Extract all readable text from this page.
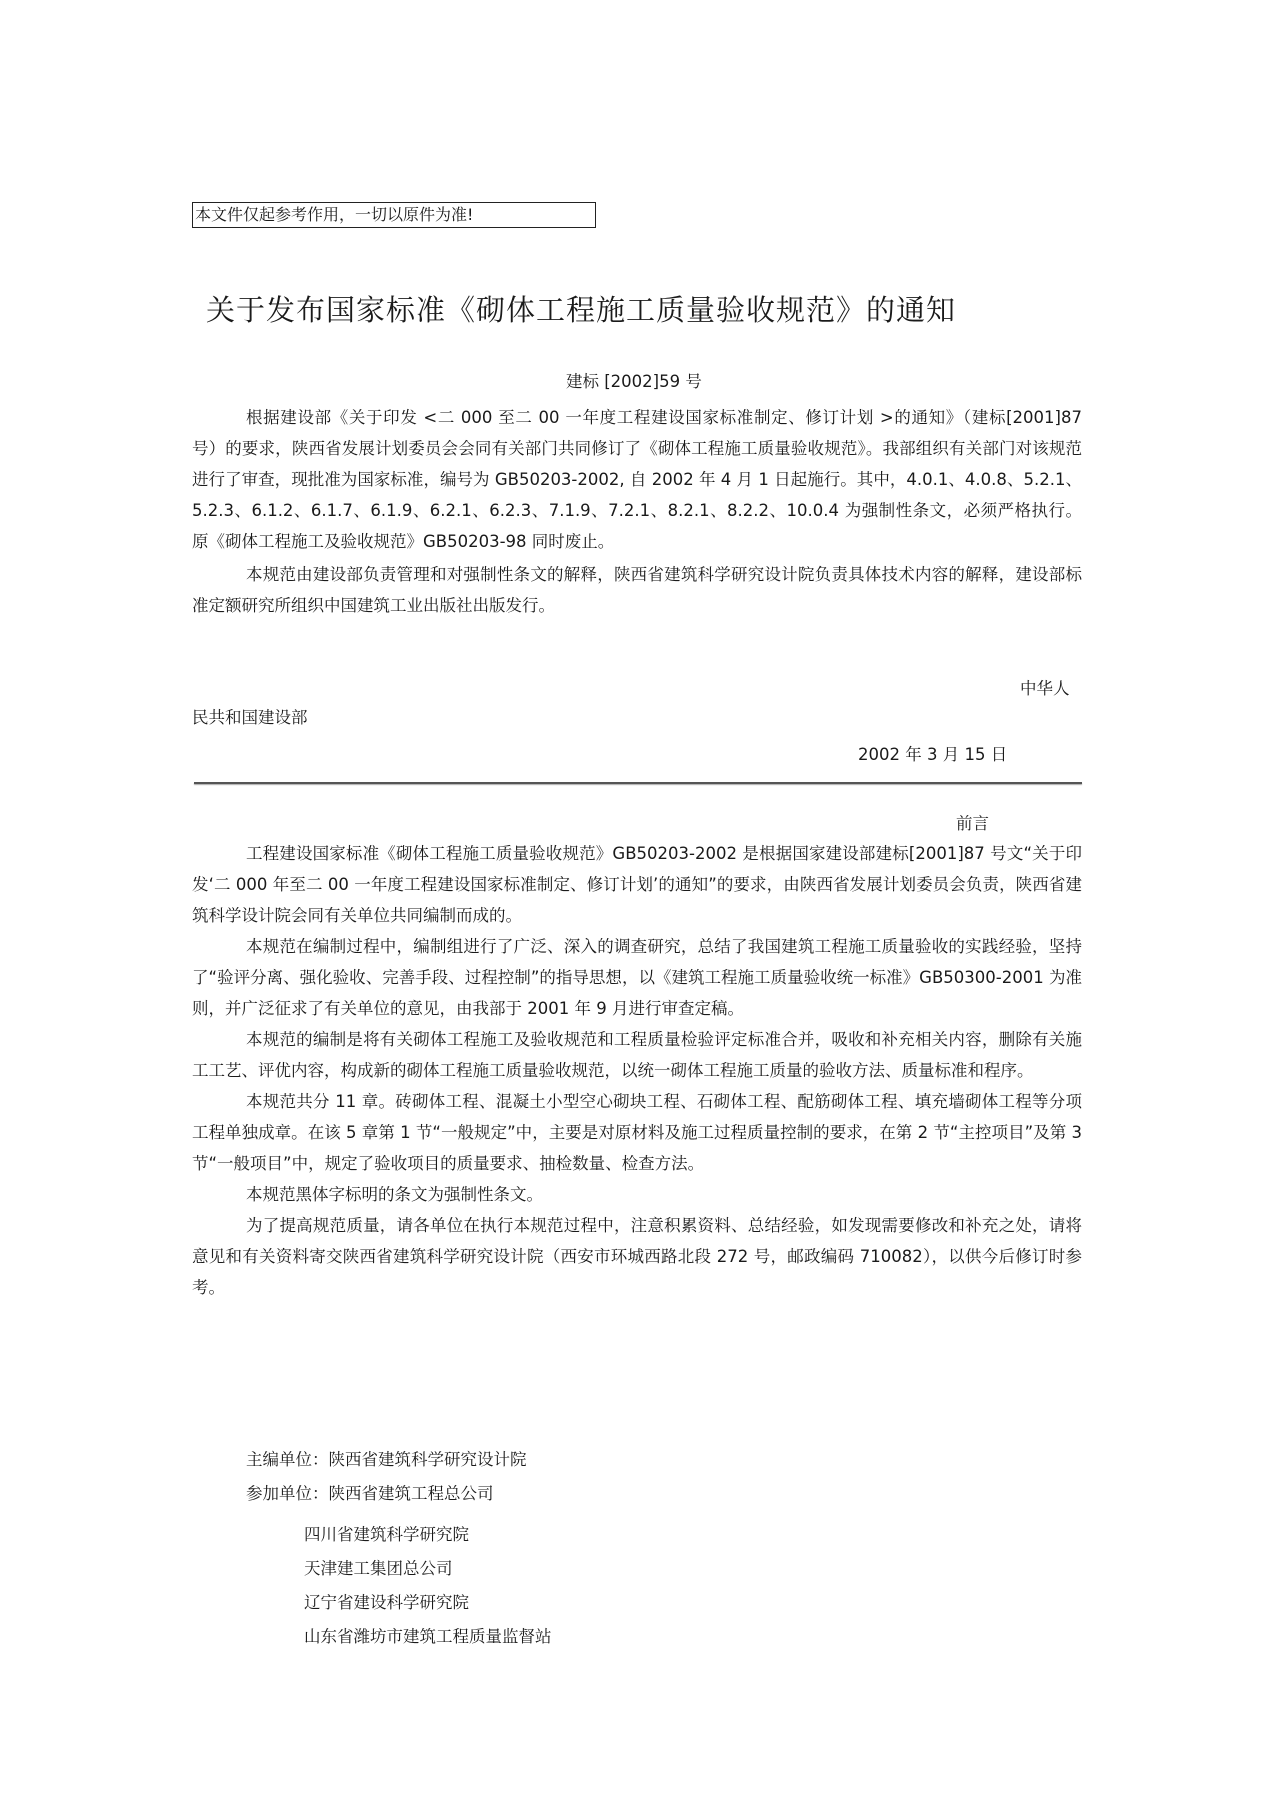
本文件仅起参考作用，一切以原件为准!
关于发布国家标准《砌体工程施工质量验收规范》的通知
建标 [2002]59 号

根据建设部《关于印发 <二 000 至二 00 一年度工程建设国家标准制定、修订计划 >的通知》（建标[2001]87 号）的要求，陕西省发展计划委员会会同有关部门共同修订了《砌体工程施工质量验收规范》。我部组织有关部门对该规范进行了审查，现批准为国家标准，编号为 GB50203-2002, 自 2002 年 4 月 1 日起施行。其中，4.0.1、4.0.8、5.2.1、5.2.3、6.1.2、6.1.7、6.1.9、6.2.1、6.2.3、7.1.9、7.2.1、8.2.1、8.2.2、10.0.4 为强制性条文，必须严格执行。原《砌体工程施工及验收规范》GB50203-98 同时废止。

本规范由建设部负责管理和对强制性条文的解释，陕西省建筑科学研究设计院负责具体技术内容的解释，建设部标准定额研究所组织中国建筑工业出版社出版发行。

中华人
民共和国建设部
2002 年 3 月 15 日
前言

工程建设国家标准《砌体工程施工质量验收规范》GB50203-2002 是根据国家建设部建标[2001]87 号文“关于印发‘二 000 年至二 00 一年度工程建设国家标准制定、修订计划’的通知”的要求，由陕西省发展计划委员会负责，陕西省建筑科学设计院会同有关单位共同编制而成的。

本规范在编制过程中，编制组进行了广泛、深入的调查研究，总结了我国建筑工程施工质量验收的实践经验，坚持了“验评分离、强化验收、完善手段、过程控制”的指导思想，以《建筑工程施工质量验收统一标准》GB50300-2001 为准则，并广泛征求了有关单位的意见，由我部于 2001 年 9 月进行审查定稿。

本规范的编制是将有关砌体工程施工及验收规范和工程质量检验评定标准合并，吸收和补充相关内容，删除有关施工工艺、评优内容，构成新的砌体工程施工质量验收规范，以统一砌体工程施工质量的验收方法、质量标准和程序。

本规范共分 11 章。砖砌体工程、混凝土小型空心砌块工程、石砌体工程、配筋砌体工程、填充墙砌体工程等分项工程单独成章。在该 5 章第 1 节“一般规定”中，主要是对原材料及施工过程质量控制的要求，在第 2 节“主控项目”及第 3 节“一般项目”中，规定了验收项目的质量要求、抽检数量、检查方法。

本规范黑体字标明的条文为强制性条文。

为了提高规范质量，请各单位在执行本规范过程中，注意积累资料、总结经验，如发现需要修改和补充之处，请将意见和有关资料寄交陕西省建筑科学研究设计院（西安市环城西路北段 272 号，邮政编码 710082），以供今后修订时参考。

主编单位：陕西省建筑科学研究设计院
参加单位：陕西省建筑工程总公司
四川省建筑科学研究院
天津建工集团总公司
辽宁省建设科学研究院
山东省潍坊市建筑工程质量监督站
